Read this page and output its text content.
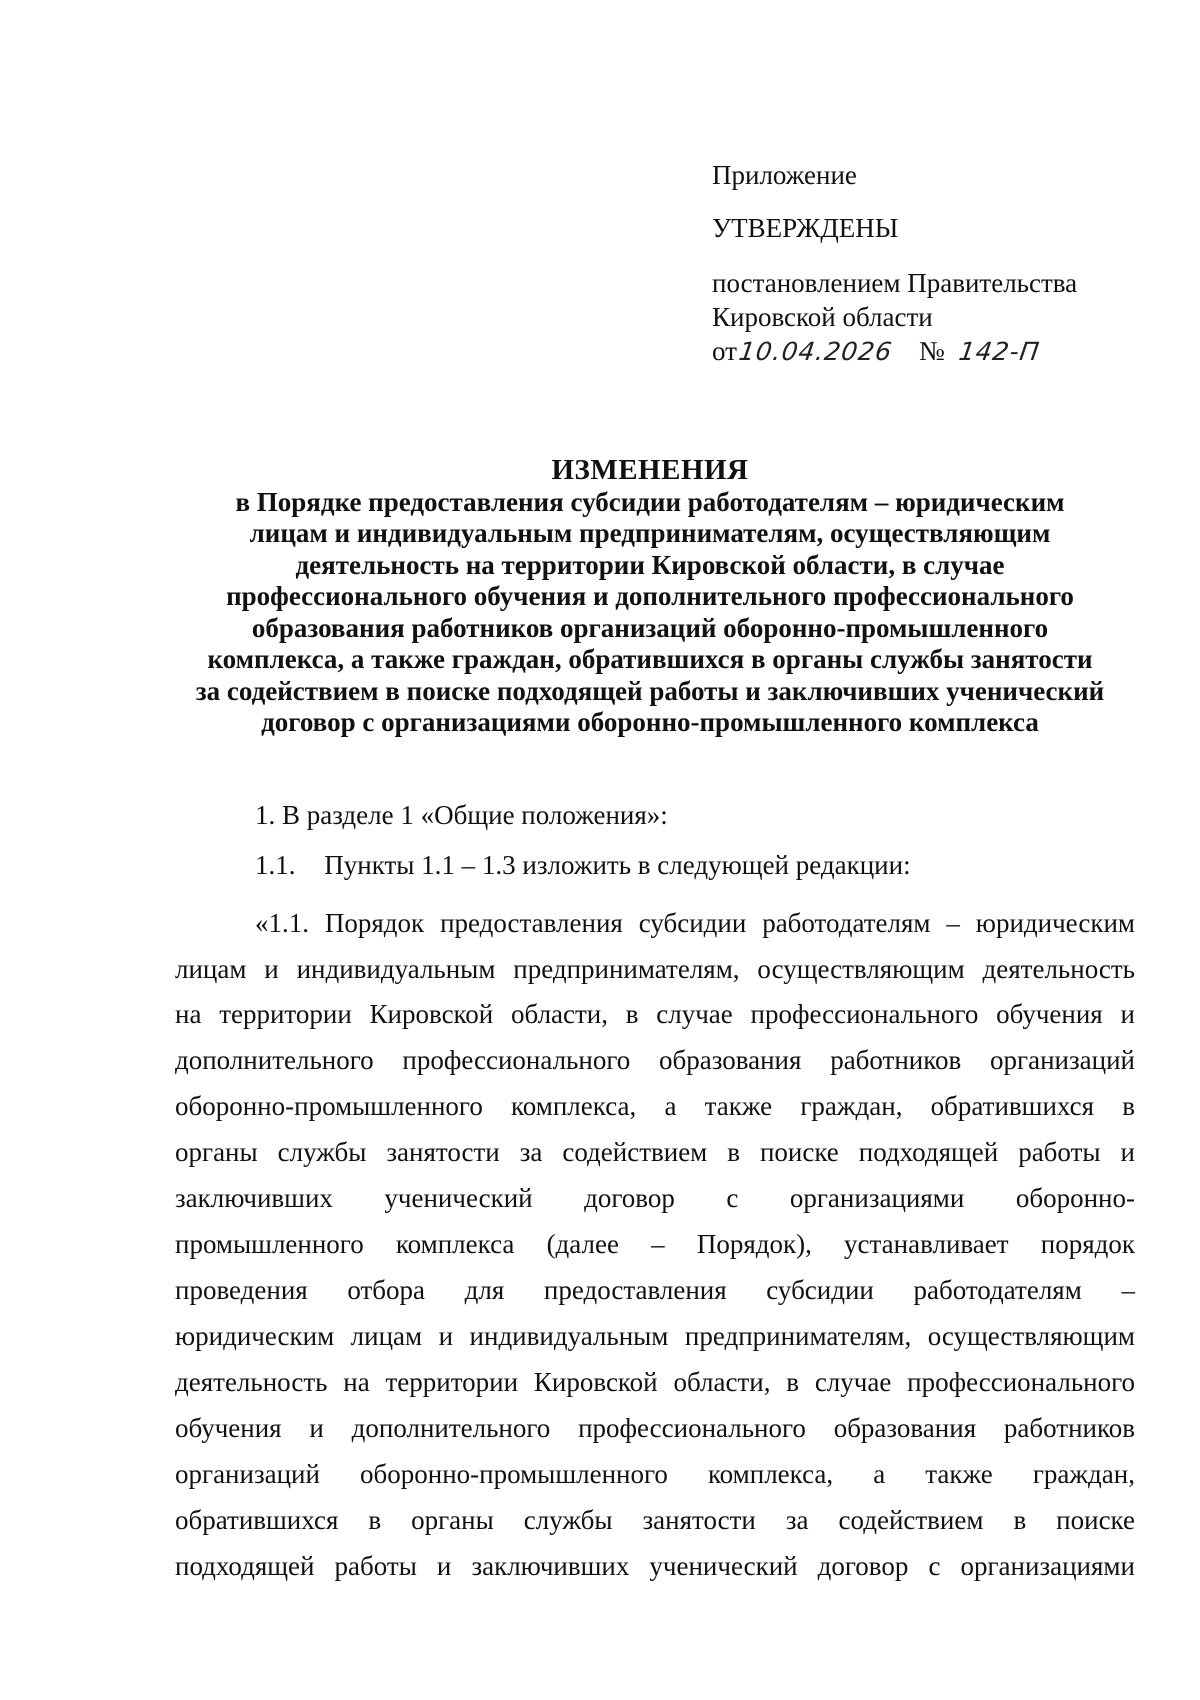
Приложение
УТВЕРЖДЕНЫ
постановлением Правительства
Кировской области
от 10.04.2026 № 142-П
ИЗМЕНЕНИЯ
в Порядке предоставления субсидии работодателям – юридическим
лицам и индивидуальным предпринимателям, осуществляющим
деятельность на территории Кировской области, в случае
профессионального обучения и дополнительного профессионального
образования работников организаций оборонно-промышленного
комплекса, а также граждан, обратившихся в органы службы занятости
за содействием в поиске подходящей работы и заключивших ученический
договор с организациями оборонно-промышленного комплекса
1. В разделе 1 «Общие положения»:
1.1. Пункты 1.1 – 1.3 изложить в следующей редакции:
«1.1. Порядок предоставления субсидии работодателям – юридическим
лицам и индивидуальным предпринимателям, осуществляющим деятельность
на территории Кировской области, в случае профессионального обучения и
дополнительного профессионального образования работников организаций
оборонно-промышленного комплекса, а также граждан, обратившихся в
органы службы занятости за содействием в поиске подходящей работы и
заключивших ученический договор с организациями оборонно-
промышленного комплекса (далее – Порядок), устанавливает порядок
проведения отбора для предоставления субсидии работодателям –
юридическим лицам и индивидуальным предпринимателям, осуществляющим
деятельность на территории Кировской области, в случае профессионального
обучения и дополнительного профессионального образования работников
организаций оборонно-промышленного комплекса, а также граждан,
обратившихся в органы службы занятости за содействием в поиске
подходящей работы и заключивших ученический договор с организациями
